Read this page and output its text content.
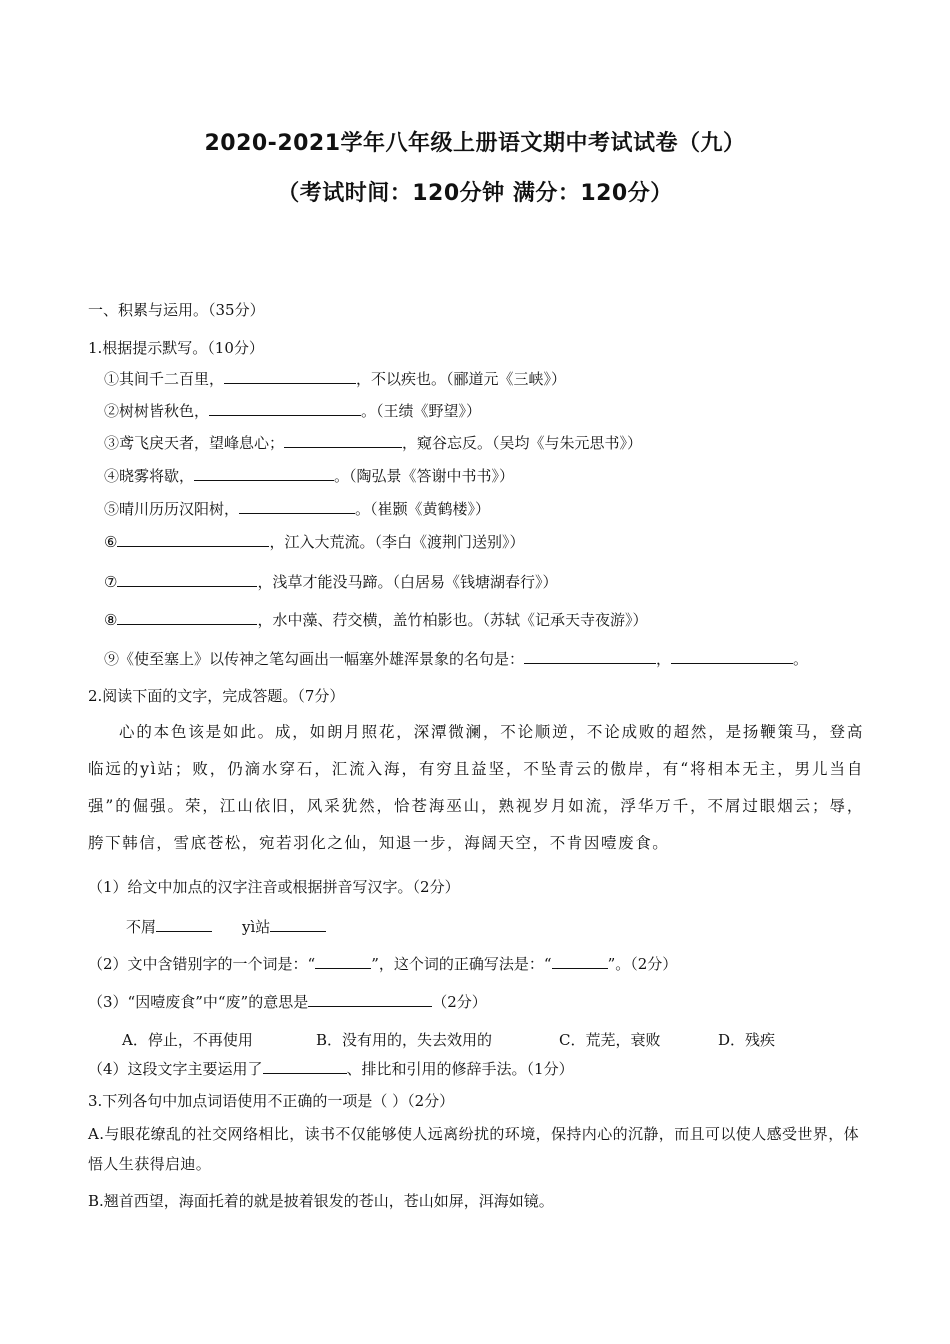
2020-2021学年八年级上册语文期中考试试卷（九）
（考试时间：120分钟 满分：120分）
一、积累与运用。（35分）
1.根据提示默写。（10分）
①其间千二百里，	，不以疾也。（郦道元《三峡》）
②树树皆秋色，	。（王绩《野望》）
③鸢飞戾天者，望峰息心；	，窥谷忘反。（吴均《与朱元思书》）
④晓雾将歇，	。（陶弘景《答谢中书书》）
⑤晴川历历汉阳树，	。（崔颢《黄鹤楼》）
⑥	，江入大荒流。（李白《渡荆门送别》）
⑦	，浅草才能没马蹄。（白居易《钱塘湖春行》）
⑧	，水中藻、荇交横，盖竹柏影也。（苏轼《记承天寺夜游》）
⑨《使至塞上》以传神之笔勾画出一幅塞外雄浑景象的名句是：	，	。
2.阅读下面的文字，完成答题。（7分）
心的本色该是如此。成，如朗月照花，深潭微澜，不论顺逆，不论成败的超然，是扬鞭策马，登高临远的yì站；败，仍滴水穿石，汇流入海，有穷且益坚，不坠青云的傲岸，有“将相本无主，男儿当自强”的倔强。荣，江山依旧，风采犹然，恰苍海巫山，熟视岁月如流，浮华万千，不屑过眼烟云；辱，胯下韩信，雪底苍松，宛若羽化之仙，知退一步，海阔天空，不肯因噎废食。
（1）给文中加点的汉字注音或根据拼音写汉字。（2分）
不屑	yì站
（2）文中含错别字的一个词是：“	”，这个词的正确写法是：“	”。（2分）
（3）“因噎废食”中“废”的意思是	（2分）
A．停止，不再使用	B．没有用的，失去效用的	C．荒芜，衰败	D．残疾
（4）这段文字主要运用了	、排比和引用的修辞手法。（1分）
3.下列各句中加点词语使用不正确的一项是（ ）（2分）
A.与眼花缭乱的社交网络相比，读书不仅能够使人远离纷扰的环境，保持内心的沉静，而且可以使人感受世界，体悟人生获得启迪。
B.翘首西望，海面托着的就是披着银发的苍山，苍山如屏，洱海如镜。
